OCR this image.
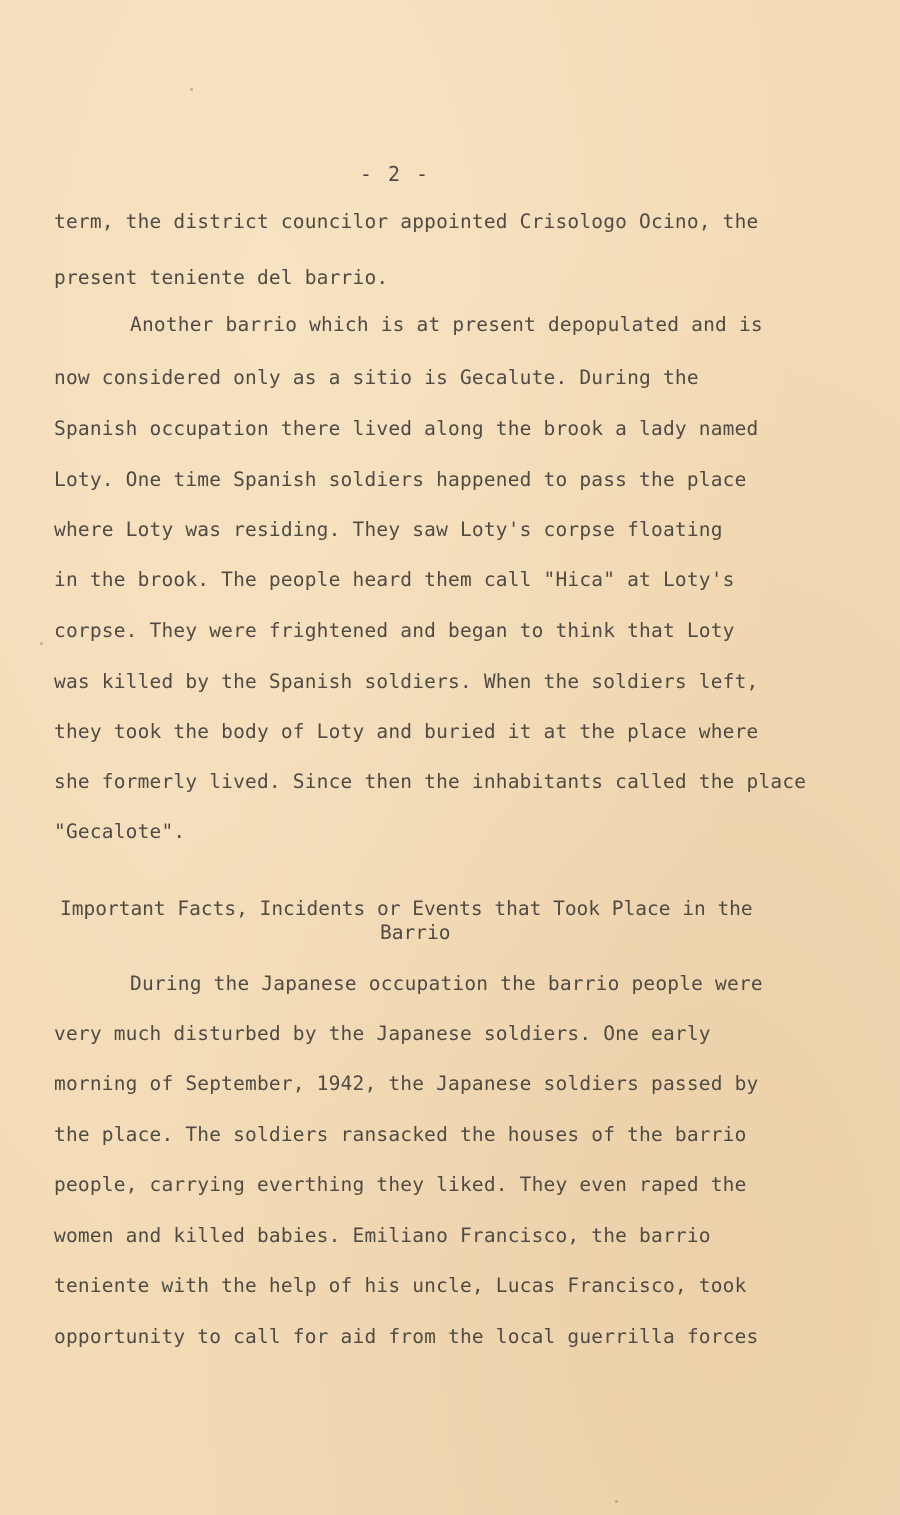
- 2 -
term, the district councilor appointed Crisologo Ocino, the
present teniente del barrio.
Another barrio which is at present depopulated and is
now considered only as a sitio is Gecalute. During the
Spanish occupation there lived along the brook a lady named
Loty. One time Spanish soldiers happened to pass the place
where Loty was residing. They saw Loty's corpse floating
in the brook. The people heard them call "Hica" at Loty's
corpse. They were frightened and began to think that Loty
was killed by the Spanish soldiers. When the soldiers left,
they took the body of Loty and buried it at the place where
she formerly lived. Since then the inhabitants called the place
"Gecalote".
Important Facts, Incidents or Events that Took Place in the
Barrio
During the Japanese occupation the barrio people were
very much disturbed by the Japanese soldiers. One early
morning of September, 1942, the Japanese soldiers passed by
the place. The soldiers ransacked the houses of the barrio
people, carrying everthing they liked. They even raped the
women and killed babies. Emiliano Francisco, the barrio
teniente with the help of his uncle, Lucas Francisco, took
opportunity to call for aid from the local guerrilla forces
